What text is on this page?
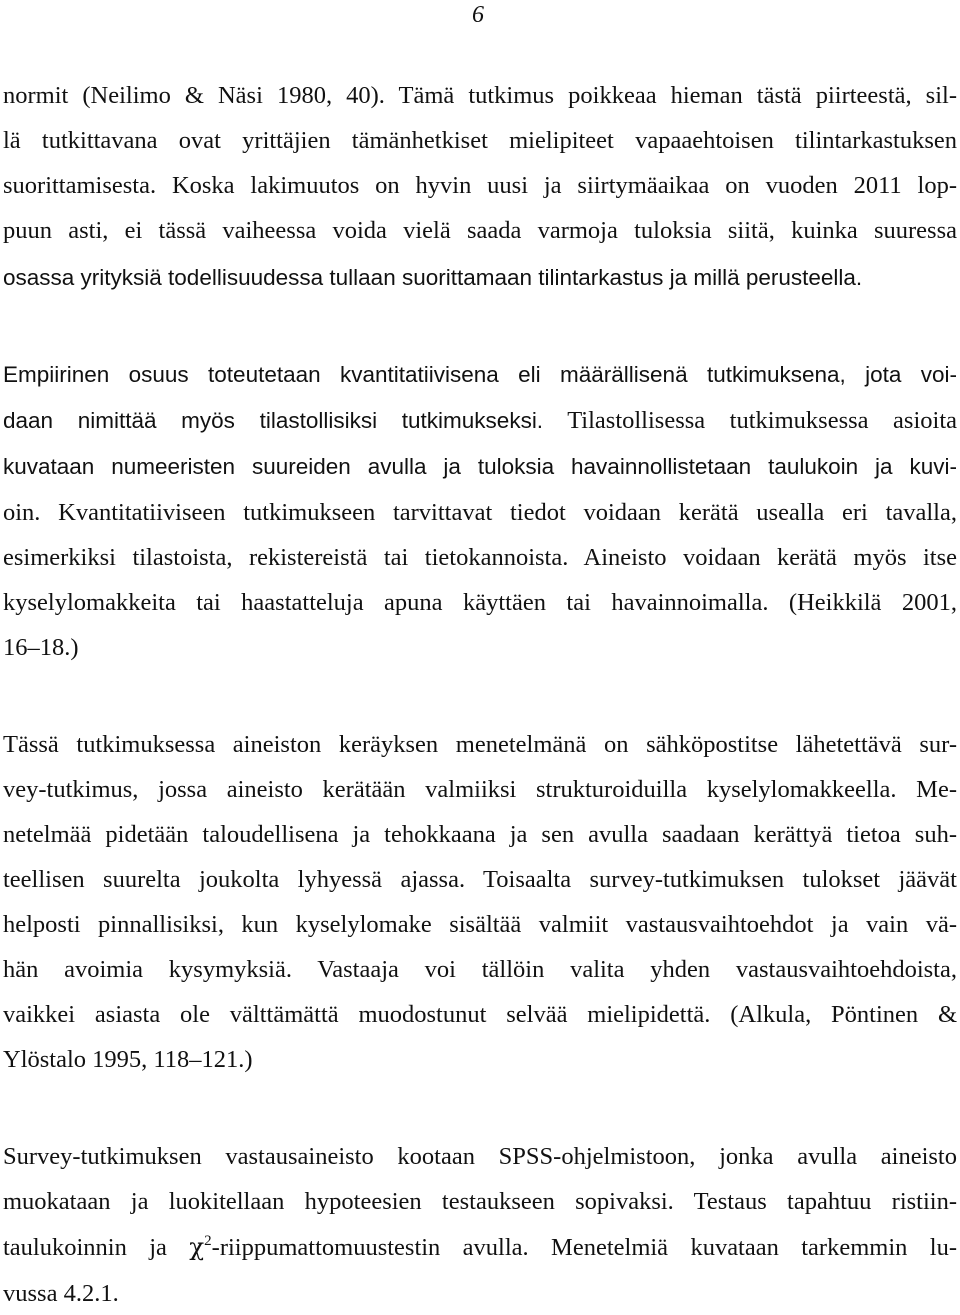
6
normit (Neilimo & Näsi 1980, 40). Tämä tutkimus poikkeaa hieman tästä piirteestä, sil-
lä tutkittavana ovat yrittäjien tämänhetkiset mielipiteet vapaaehtoisen tilintarkastuksen
suorittamisesta. Koska lakimuutos on hyvin uusi ja siirtymäaikaa on vuoden 2011 lop-
puun asti, ei tässä vaiheessa voida vielä saada varmoja tuloksia siitä, kuinka suuressa
osassa yrityksiä todellisuudessa tullaan suorittamaan tilintarkastus ja millä perusteella.
Empiirinen osuus toteutetaan kvantitatiivisena eli määrällisenä tutkimuksena, jota voi-
daan nimittää myös tilastollisiksi tutkimukseksi. Tilastollisessa tutkimuksessa asioita
kuvataan numeeristen suureiden avulla ja tuloksia havainnollistetaan taulukoin ja kuvi-
oin. Kvantitatiiviseen tutkimukseen tarvittavat tiedot voidaan kerätä usealla eri tavalla,
esimerkiksi tilastoista, rekistereistä tai tietokannoista. Aineisto voidaan kerätä myös itse
kyselylomakkeita tai haastatteluja apuna käyttäen tai havainnoimalla. (Heikkilä 2001,
16–18.)
Tässä tutkimuksessa aineiston keräyksen menetelmänä on sähköpostitse lähetettävä sur-
vey-tutkimus, jossa aineisto kerätään valmiiksi strukturoiduilla kyselylomakkeella. Me-
netelmää pidetään taloudellisena ja tehokkaana ja sen avulla saadaan kerättyä tietoa suh-
teellisen suurelta joukolta lyhyessä ajassa. Toisaalta survey-tutkimuksen tulokset jäävät
helposti pinnallisiksi, kun kyselylomake sisältää valmiit vastausvaihtoehdot ja vain vä-
hän avoimia kysymyksiä. Vastaaja voi tällöin valita yhden vastausvaihtoehdoista,
vaikkei asiasta ole välttämättä muodostunut selvää mielipidettä. (Alkula, Pöntinen &
Ylöstalo 1995, 118–121.)
Survey-tutkimuksen vastausaineisto kootaan SPSS-ohjelmistoon, jonka avulla aineisto
muokataan ja luokitellaan hypoteesien testaukseen sopivaksi. Testaus tapahtuu ristiin-
taulukoinnin ja $\chi^2$-riippumattomuustestin avulla. Menetelmiä kuvataan tarkemmin lu-
vussa 4.2.1.
